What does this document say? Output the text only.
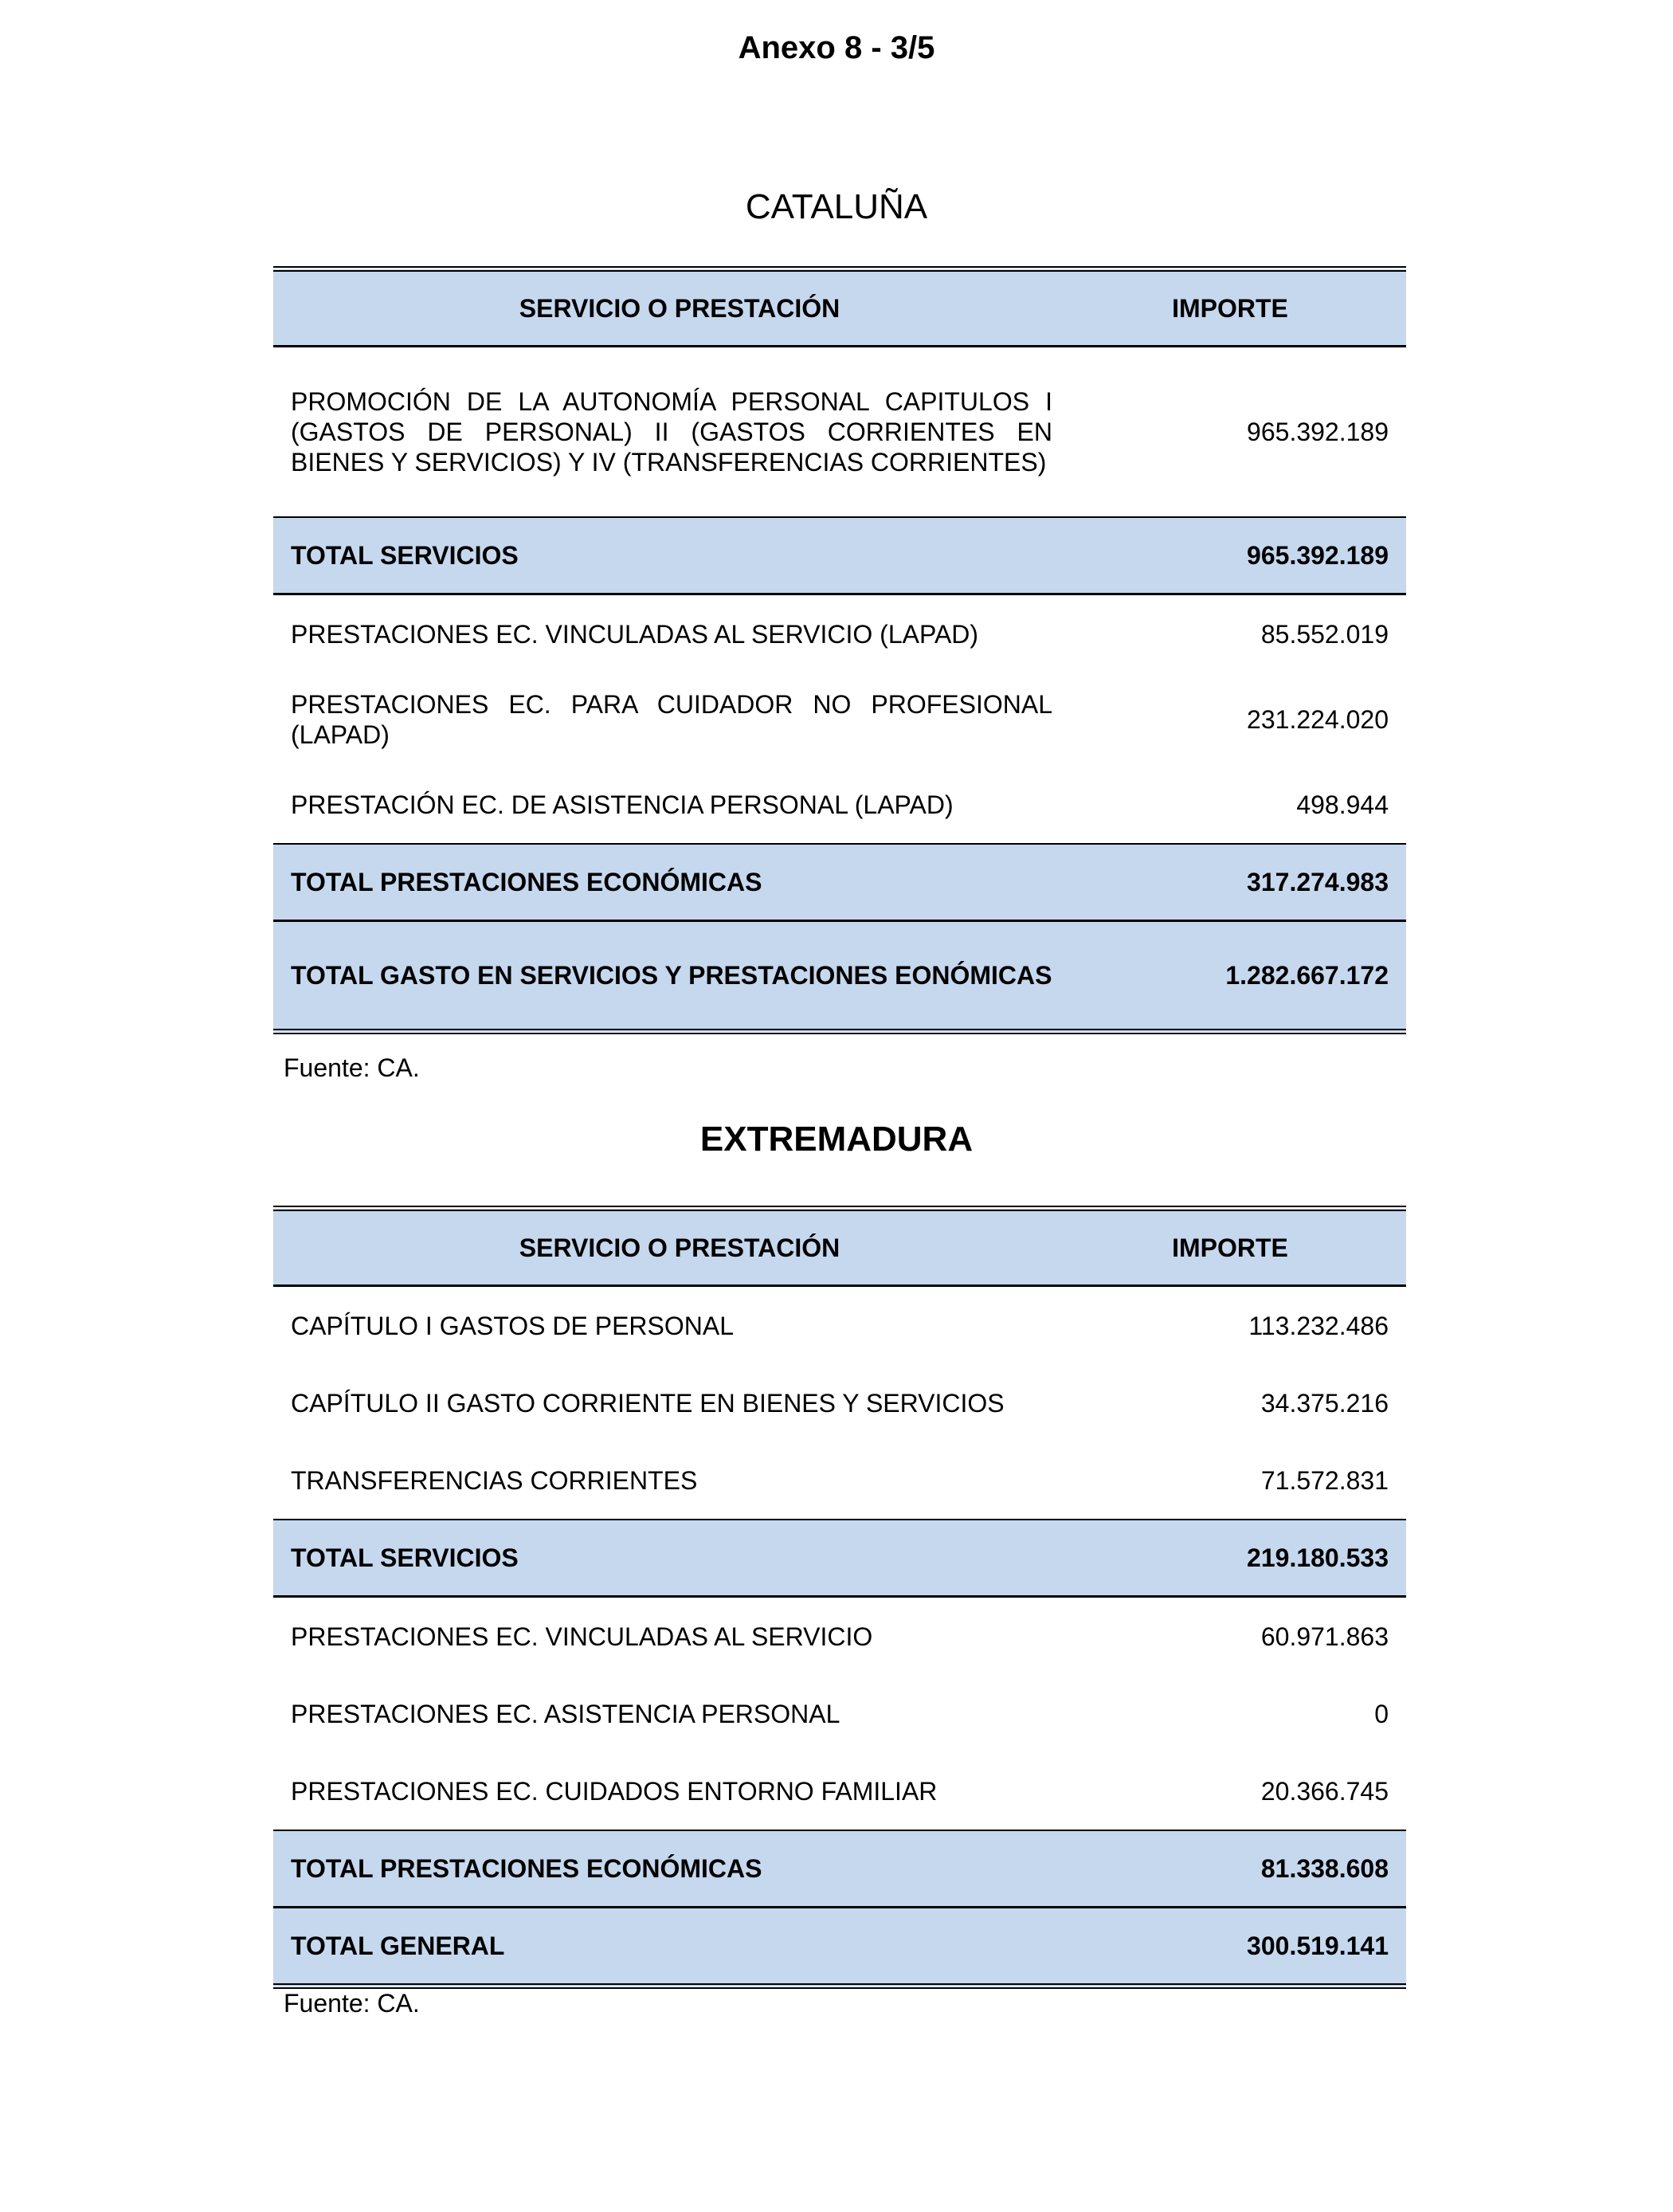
Anexo 8 - 3/5
CATALUÑA
SERVICIO O PRESTACIÓN	IMPORTE
PROMOCIÓN DE LA AUTONOMÍA PERSONAL CAPITULOS I (GASTOS DE PERSONAL) II (GASTOS CORRIENTES EN BIENES Y SERVICIOS) Y IV (TRANSFERENCIAS CORRIENTES)	965.392.189
TOTAL SERVICIOS	965.392.189
PRESTACIONES EC. VINCULADAS AL SERVICIO (LAPAD)	85.552.019
PRESTACIONES EC. PARA CUIDADOR NO PROFESIONAL (LAPAD)	231.224.020
PRESTACIÓN EC. DE ASISTENCIA PERSONAL (LAPAD)	498.944
TOTAL PRESTACIONES ECONÓMICAS	317.274.983
TOTAL GASTO EN SERVICIOS Y PRESTACIONES EONÓMICAS	1.282.667.172
Fuente: CA.
EXTREMADURA
SERVICIO O PRESTACIÓN	IMPORTE
CAPÍTULO I GASTOS DE PERSONAL	113.232.486
CAPÍTULO II GASTO CORRIENTE EN BIENES Y SERVICIOS	34.375.216
TRANSFERENCIAS CORRIENTES	71.572.831
TOTAL SERVICIOS	219.180.533
PRESTACIONES EC. VINCULADAS AL SERVICIO	60.971.863
PRESTACIONES EC. ASISTENCIA PERSONAL	0
PRESTACIONES EC. CUIDADOS ENTORNO FAMILIAR	20.366.745
TOTAL PRESTACIONES ECONÓMICAS	81.338.608
TOTAL GENERAL	300.519.141
Fuente: CA.
